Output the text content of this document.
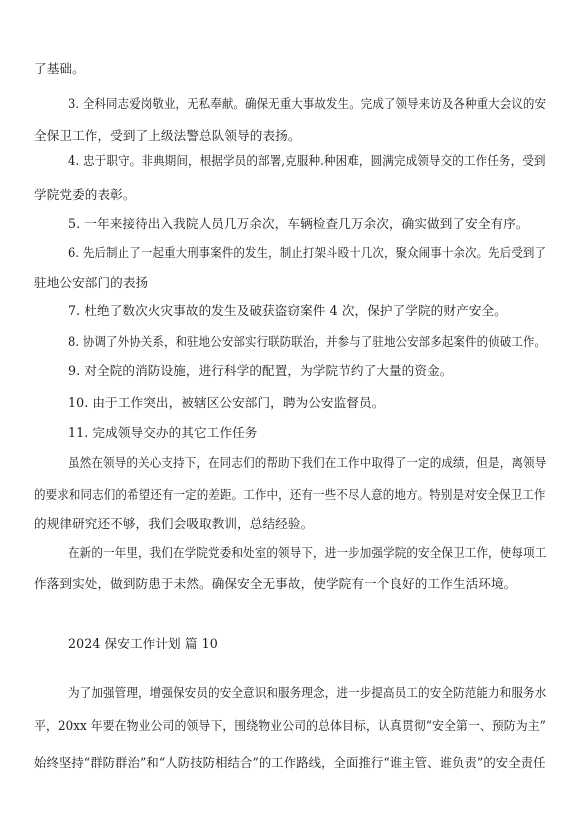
了基础。
3. 全科同志爱岗敬业，无私奉献。确保无重大事故发生。完成了领导来访及各种重大会议的安
全保卫工作，受到了上级法警总队领导的表扬。
4. 忠于职守。非典期间，根据学员的部署,克服种.种困难，圆满完成领导交的工作任务，受到
学院党委的表彰。
5. 一年来接待出入我院人员几万余次，车辆检查几万余次，确实做到了安全有序。
6. 先后制止了一起重大刑事案件的发生，制止打架斗殴十几次，聚众闹事十余次。先后受到了
驻地公安部门的表扬
7. 杜绝了数次火灾事故的发生及破获盗窃案件 4 次，保护了学院的财产安全。
8. 协调了外协关系，和驻地公安部实行联防联治，并参与了驻地公安部多起案件的侦破工作。
9. 对全院的消防设施，进行科学的配置，为学院节约了大量的资金。
10. 由于工作突出，被辖区公安部门，聘为公安监督员。
11. 完成领导交办的其它工作任务
虽然在领导的关心支持下，在同志们的帮助下我们在工作中取得了一定的成绩，但是，离领导
的要求和同志们的希望还有一定的差距。工作中，还有一些不尽人意的地方。特别是对安全保卫工作
的规律研究还不够，我们会吸取教训，总结经验。
在新的一年里，我们在学院党委和处室的领导下，进一步加强学院的安全保卫工作，使每项工
作落到实处，做到防患于未然。确保安全无事故，使学院有一个良好的工作生活环境。
2024 保安工作计划 篇 10
为了加强管理，增强保安员的安全意识和服务理念，进一步提高员工的安全防范能力和服务水
平，20xx 年要在物业公司的领导下，围绕物业公司的总体目标，认真贯彻“安全第一、预防为主”
始终坚持“群防群治”和“人防技防相结合”的工作路线，全面推行“谁主管、谁负责”的安全责任
